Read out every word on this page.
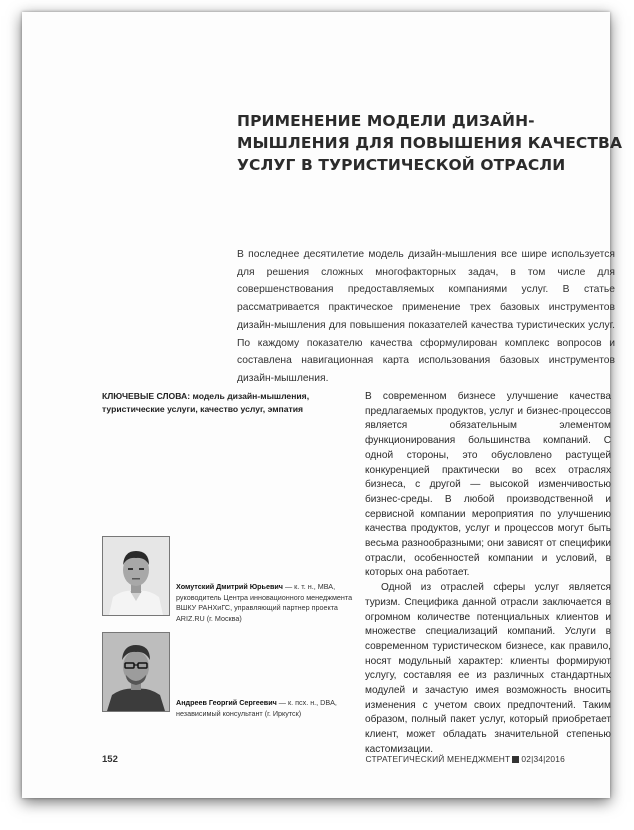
ПРИМЕНЕНИЕ МОДЕЛИ ДИЗАЙН-МЫШЛЕНИЯ ДЛЯ ПОВЫШЕНИЯ КАЧЕСТВА УСЛУГ В ТУРИСТИЧЕСКОЙ ОТРАСЛИ

В последнее десятилетие модель дизайн-мышления все шире используется для решения сложных многофакторных задач, в том числе для совершенствования предоставляемых компаниями услуг. В статье рассматривается практическое применение трех базовых инструментов дизайн-мышления для повышения показателей качества туристических услуг. По каждому показателю качества сформулирован комплекс вопросов и составлена навигационная карта использования базовых инструментов дизайн-мышления.

КЛЮЧЕВЫЕ СЛОВА: модель дизайн-мышления, туристические услуги, качество услуг, эмпатия

В современном бизнесе улучшение качества предлагаемых продуктов, услуг и бизнес-процессов является обязательным элементом функционирования большинства компаний. С одной стороны, это обусловлено растущей конкуренцией практически во всех отраслях бизнеса, с другой — высокой изменчивостью бизнес-среды. В любой производственной и сервисной компании мероприятия по улучшению качества продуктов, услуг и процессов могут быть весьма разнообразными; они зависят от специфики отрасли, особенностей компании и условий, в которых она работает.

Одной из отраслей сферы услуг является туризм. Специфика данной отрасли заключается в огромном количестве потенциальных клиентов и множестве специализаций компаний. Услуги в современном туристическом бизнесе, как правило, носят модульный характер: клиенты формируют услугу, составляя ее из различных стандартных модулей и зачастую имея возможность вносить изменения с учетом своих предпочтений. Таким образом, полный пакет услуг, который приобретает клиент, может обладать значительной степенью кастомизации.

Хомутский Дмитрий Юрьевич — к. т. н., МВА, руководитель Центра инновационного менеджмента ВШКУ РАНХиГС, управляющий партнер проекта ARIZ.RU (г. Москва)

Андреев Георгий Сергеевич — к. псх. н., DBA, независимый консультант (г. Иркутск)

152	СТРАТЕГИЧЕСКИЙ МЕНЕДЖМЕНТ 02|34|2016
